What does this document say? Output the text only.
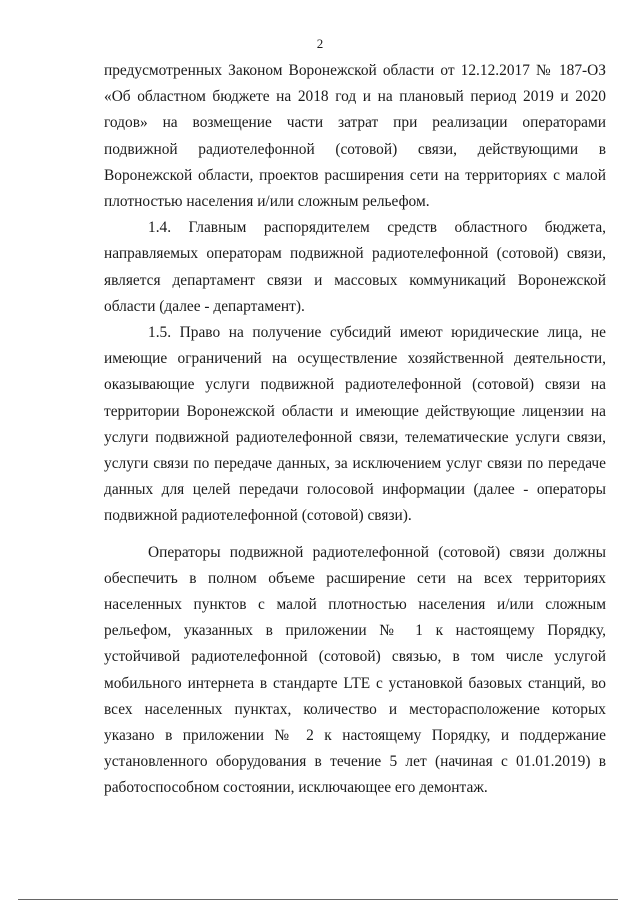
2

предусмотренных Законом Воронежской области от 12.12.2017 № 187-ОЗ «Об областном бюджете на 2018 год и на плановый период 2019 и 2020 годов» на возмещение части затрат при реализации операторами подвижной радиотелефонной (сотовой) связи, действующими в Воронежской области, проектов расширения сети на территориях с малой плотностью населения и/или сложным рельефом.

1.4. Главным распорядителем средств областного бюджета, направляемых операторам подвижной радиотелефонной (сотовой) связи, является департамент связи и массовых коммуникаций Воронежской области (далее - департамент).

1.5. Право на получение субсидий имеют юридические лица, не имеющие ограничений на осуществление хозяйственной деятельности, оказывающие услуги подвижной радиотелефонной (сотовой) связи на территории Воронежской области и имеющие действующие лицензии на услуги подвижной радиотелефонной связи, телематические услуги связи, услуги связи по передаче данных, за исключением услуг связи по передаче данных для целей передачи голосовой информации (далее - операторы подвижной радиотелефонной (сотовой) связи).

Операторы подвижной радиотелефонной (сотовой) связи должны обеспечить в полном объеме расширение сети на всех территориях населенных пунктов с малой плотностью населения и/или сложным рельефом, указанных в приложении № 1 к настоящему Порядку, устойчивой радиотелефонной (сотовой) связью, в том числе услугой мобильного интернета в стандарте LTE с установкой базовых станций, во всех населенных пунктах, количество и месторасположение которых указано в приложении № 2 к настоящему Порядку, и поддержание установленного оборудования в течение 5 лет (начиная с 01.01.2019) в работоспособном состоянии, исключающее его демонтаж.
